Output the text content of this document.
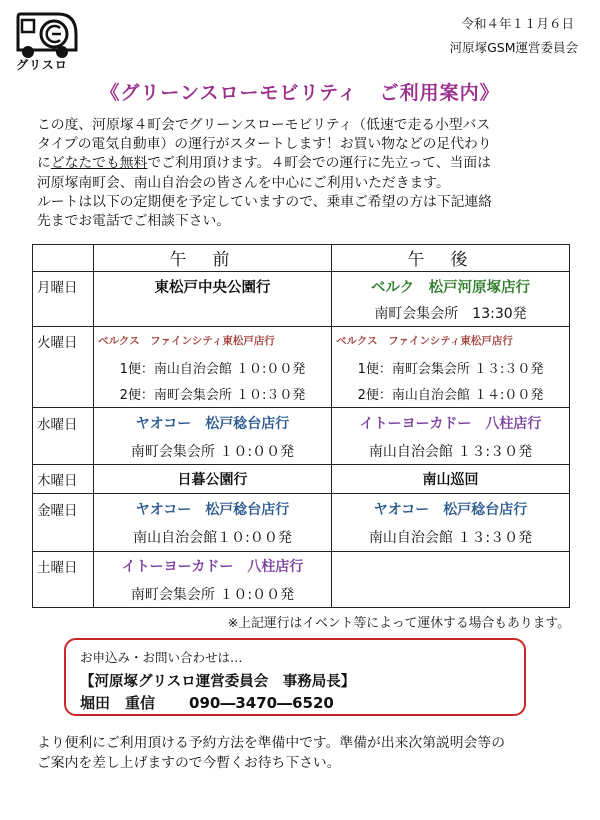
グリスロ
令和４年１１月６日
河原塚GSM運営委員会
《グリーンスローモビリティ ご利用案内》
この度、河原塚４町会でグリーンスローモビリティ（低速で走る小型バス
タイプの電気自動車）の運行がスタートします！お買い物などの足代わり
にどなたでも無料でご利用頂けます。４町会での運行に先立って、当面は
河原塚南町会、南山自治会の皆さんを中心にご利用いただきます。
ルートは以下の定期便を予定していますので、乗車ご希望の方は下記連絡
先までお電話でご相談下さい。
	午前	午後
月曜日	東松戸中央公園行	ベルク　松戸河原塚店行
		南町会集会所　13:30発
火曜日	ベルクス　ファインシティ東松戸店行	ベルクス　ファインシティ東松戸店行
	1便：南山自治会館 １０:００発	1便：南町会集会所 １３:３０発
	2便：南町会集会所 １０:３０発	2便：南山自治会館 １４:００発
水曜日	ヤオコー　松戸稔台店行	イトーヨーカドー　八柱店行
	南町会集会所 １０:００発	南山自治会館 １３:３０発
木曜日	日暮公園行	南山巡回
金曜日	ヤオコー　松戸稔台店行	ヤオコー　松戸稔台店行
	南山自治会館１０:００発	南山自治会館 １３:３０発
土曜日	イトーヨーカドー　八柱店行	
	南町会集会所 １０:００発	
※上記運行はイベント等によって運休する場合もあります。
お申込み・お問い合わせは…
【河原塚グリスロ運営委員会　事務局長】
堀田　重信 090―3470―6520
より便利にご利用頂ける予約方法を準備中です。準備が出来次第説明会等の
ご案内を差し上げますので今暫くお待ち下さい。
